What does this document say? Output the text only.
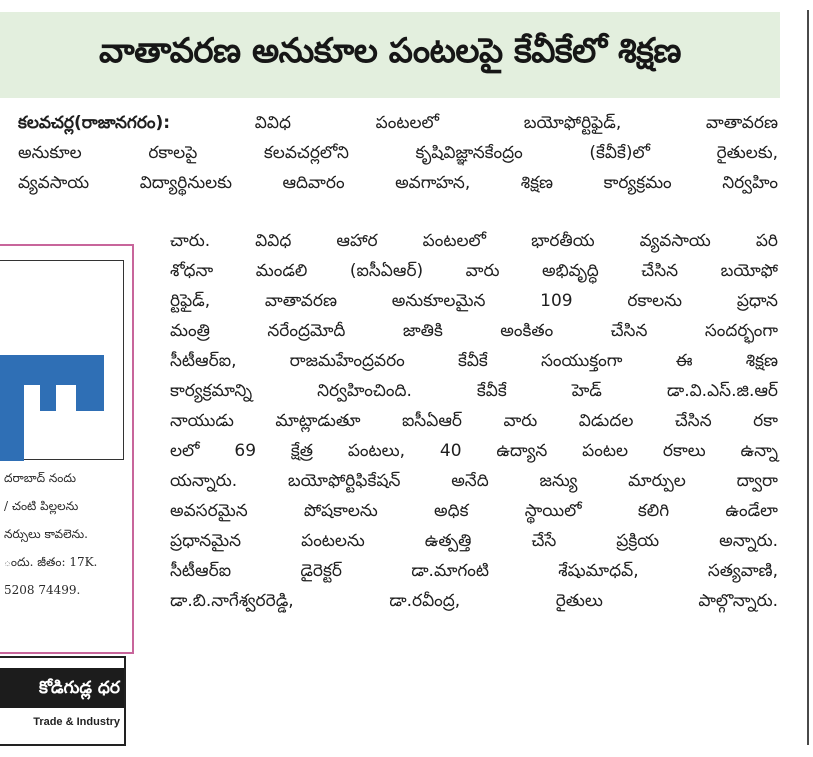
వాతావరణ అనుకూల పంటలపై కేవీకేలో శిక్షణ
కలవచర్ల(రాజానగరం):	వివిధ పంటలలో బయోఫోర్టిఫైడ్, వాతావరణ
అనుకూల రకాలపై కలవచర్లలోని కృషివిజ్ఞానకేంద్రం (కేవీకే)లో రైతులకు,
వ్యవసాయ విద్యార్థినులకు ఆదివారం అవగాహన, శిక్షణ కార్యక్రమం నిర్వహిం
చారు. వివిధ ఆహార పంటలలో భారతీయ వ్యవసాయ పరి
శోధనా మండలి (ఐసీఏఆర్) వారు అభివృద్ధి చేసిన బయోఫో
ర్టిఫైడ్, వాతావరణ అనుకూలమైన 109 రకాలను ప్రధాన
మంత్రి నరేంద్రమోదీ జాతికి అంకితం చేసిన సందర్భంగా
సీటీఆర్ఐ, రాజమహేంద్రవరం కేవీకే సంయుక్తంగా ఈ శిక్షణ
కార్యక్రమాన్ని నిర్వహించింది. కేవీకే హెడ్ డా.వి.ఎస్.జి.ఆర్
నాయుడు మాట్లాడుతూ ఐసీఏఆర్ వారు విడుదల చేసిన రకా
లలో 69 క్షేత్ర పంటలు, 40 ఉద్యాన పంటల రకాలు ఉన్నా
యన్నారు. బయోఫోర్టిఫికేషన్ అనేది జన్యు మార్పుల ద్వారా
అవసరమైన పోషకాలను అధిక స్థాయిలో కలిగి ఉండేలా
ప్రధానమైన పంటలను ఉత్పత్తి చేసే ప్రక్రియ అన్నారు.
సీటీఆర్ఐ డైరెక్టర్ డా.మాగంటి శేషుమాధవ్, సత్యవాణి,
డా.బి.నాగేశ్వరరెడ్డి, డా.రవీంద్ర, రైతులు పాల్గొన్నారు.
దరాబాద్ నందు
/ చంటి పిల్లలను
నర్సులు కావలెను.
ందు. జీతం: 17K.
5208 74499.
కోడిగుడ్ల ధర
Trade & Industry
